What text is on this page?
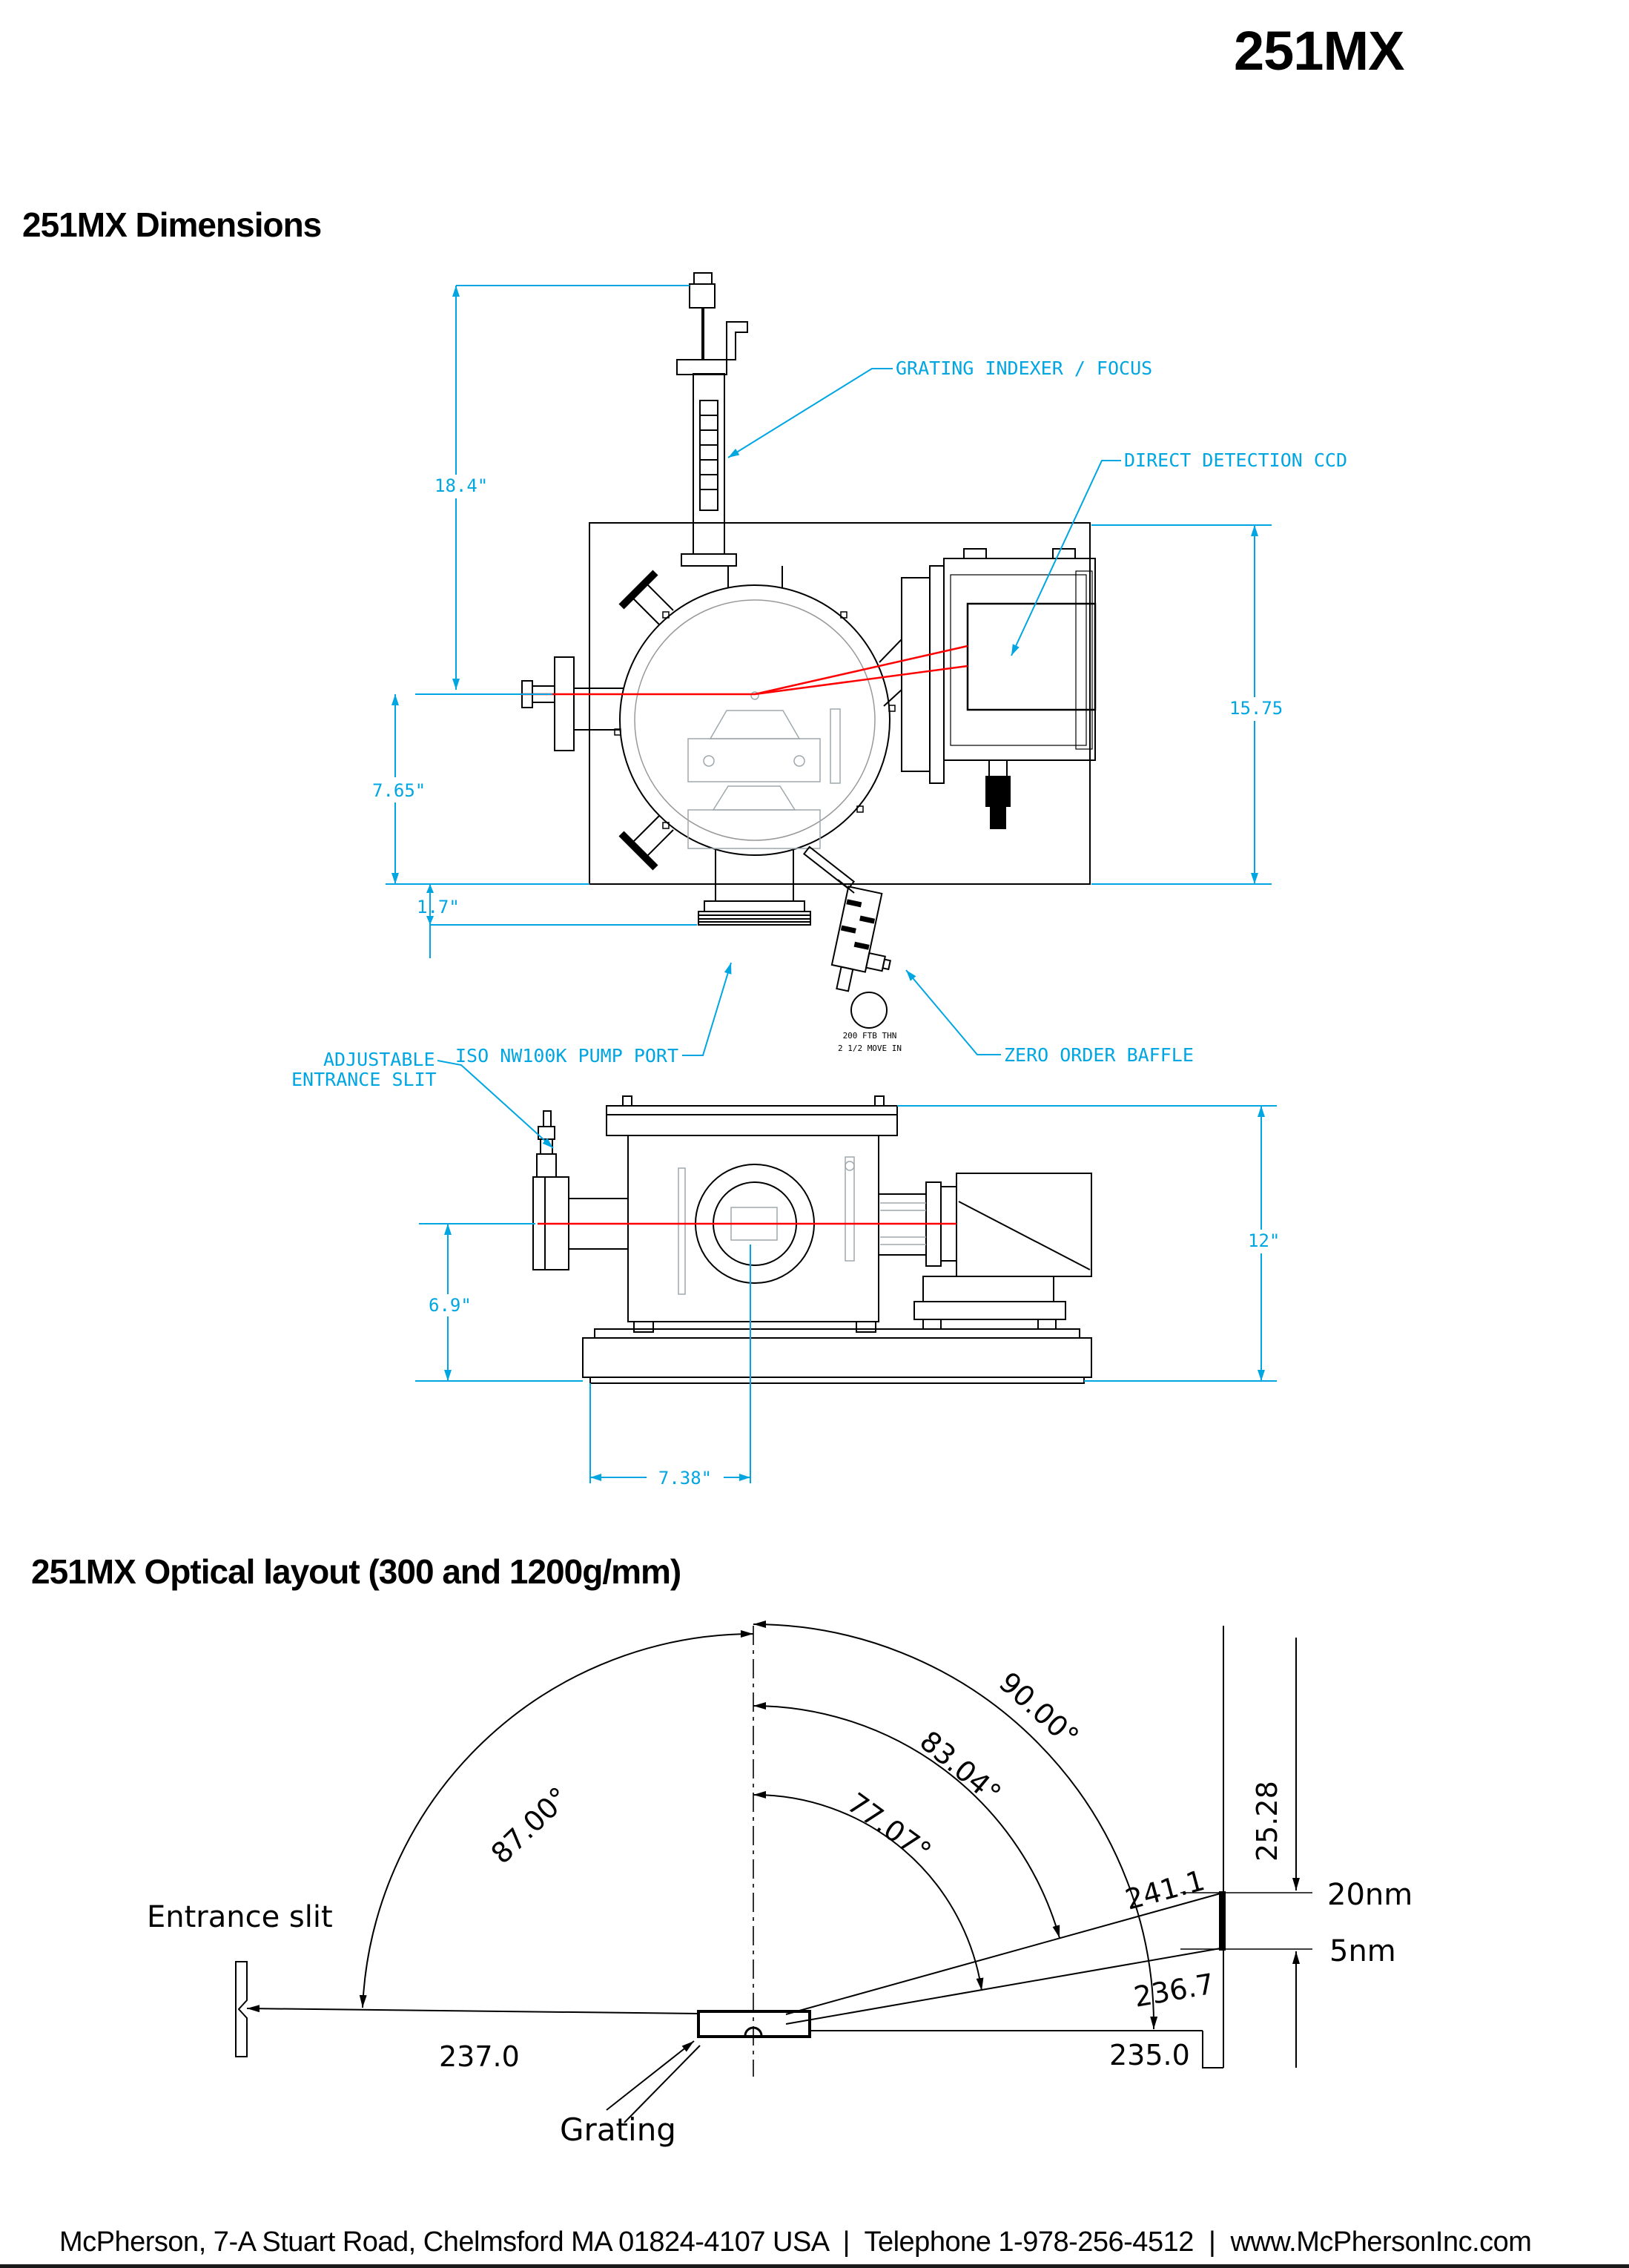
251MX
251MX Dimensions
200 FTB THN
2 1/2 MOVE IN
18.4"
7.65"
1.7"
15.75
GRATING INDEXER / FOCUS
DIRECT DETECTION CCD
ISO NW100K PUMP PORT	ZERO ORDER BAFFLE
ADJUSTABLE
ENTRANCE SLIT
12"
6.9"
7.38"
251MX Optical layout (300 and 1200g/mm)
Entrance slit
Grating
237.0	235.0
241.1
236.7
87.00°
90.00°
83.04°
77.07°	25.28
20nm
5nm
McPherson, 7-A Stuart Road, Chelmsford MA 01824-4107 USA  |  Telephone 1-978-256-4512  |  www.McPhersonInc.com
